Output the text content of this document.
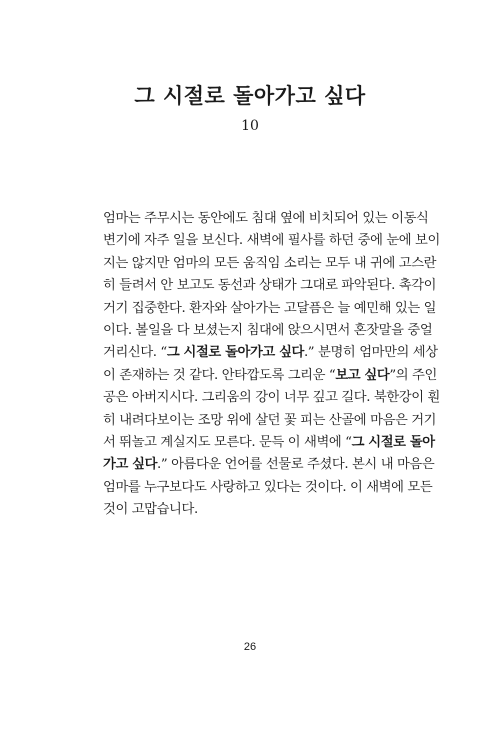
그 시절로 돌아가고 싶다
10
엄마는 주무시는 동안에도 침대 옆에 비치되어 있는 이동식
변기에 자주 일을 보신다. 새벽에 필사를 하던 중에 눈에 보이
지는 않지만 엄마의 모든 움직임 소리는 모두 내 귀에 고스란
히 들려서 안 보고도 동선과 상태가 그대로 파악된다. 촉각이
거기 집중한다. 환자와 살아가는 고달픔은 늘 예민해 있는 일
이다. 볼일을 다 보셨는지 침대에 앉으시면서 혼잣말을 중얼
거리신다. “그 시절로 돌아가고 싶다.” 분명히 엄마만의 세상
이 존재하는 것 같다. 안타깝도록 그리운 “보고 싶다”의 주인
공은 아버지시다. 그리움의 강이 너무 깊고 길다. 북한강이 훤
히 내려다보이는 조망 위에 살던 꽃 피는 산골에 마음은 거기
서 뛰놀고 계실지도 모른다. 문득 이 새벽에 “그 시절로 돌아
가고 싶다.” 아름다운 언어를 선물로 주셨다. 본시 내 마음은
엄마를 누구보다도 사랑하고 있다는 것이다. 이 새벽에 모든
것이 고맙습니다.
26
